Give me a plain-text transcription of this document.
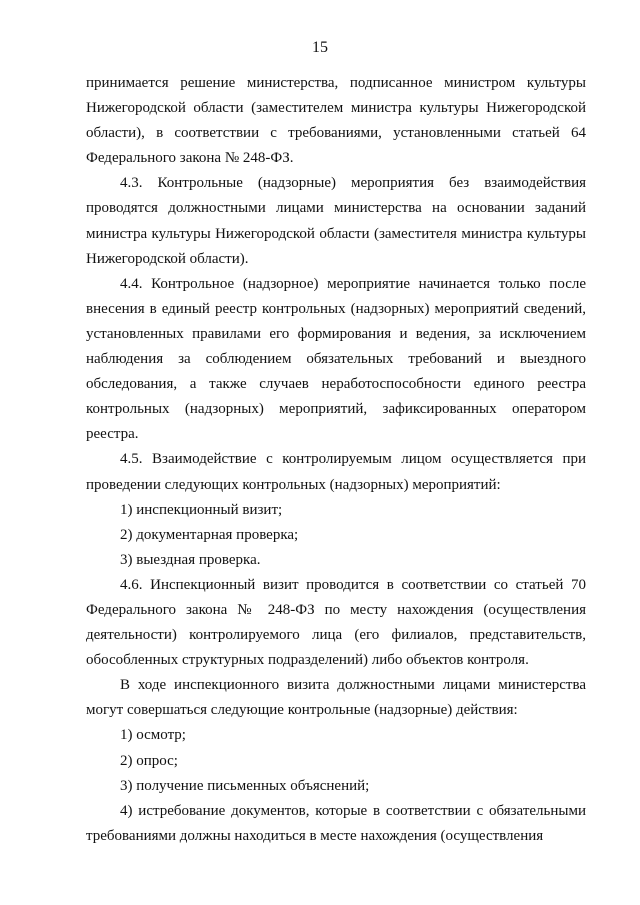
15

принимается решение министерства, подписанное министром культуры Нижегородской области (заместителем министра культуры Нижегородской области), в соответствии с требованиями, установленными статьей 64 Федерального закона № 248-ФЗ.

4.3. Контрольные (надзорные) мероприятия без взаимодействия проводятся должностными лицами министерства на основании заданий министра культуры Нижегородской области (заместителя министра культуры Нижегородской области).

4.4. Контрольное (надзорное) мероприятие начинается только после внесения в единый реестр контрольных (надзорных) мероприятий сведений, установленных правилами его формирования и ведения, за исключением наблюдения за соблюдением обязательных требований и выездного обследования, а также случаев неработоспособности единого реестра контрольных (надзорных) мероприятий, зафиксированных оператором реестра.

4.5. Взаимодействие с контролируемым лицом осуществляется при проведении следующих контрольных (надзорных) мероприятий:

1) инспекционный визит;

2) документарная проверка;

3) выездная проверка.

4.6. Инспекционный визит проводится в соответствии со статьей 70 Федерального закона № 248-ФЗ по месту нахождения (осуществления деятельности) контролируемого лица (его филиалов, представительств, обособленных структурных подразделений) либо объектов контроля.

В ходе инспекционного визита должностными лицами министерства могут совершаться следующие контрольные (надзорные) действия:

1) осмотр;

2) опрос;

3) получение письменных объяснений;

4) истребование документов, которые в соответствии с обязательными требованиями должны находиться в месте нахождения (осуществления
